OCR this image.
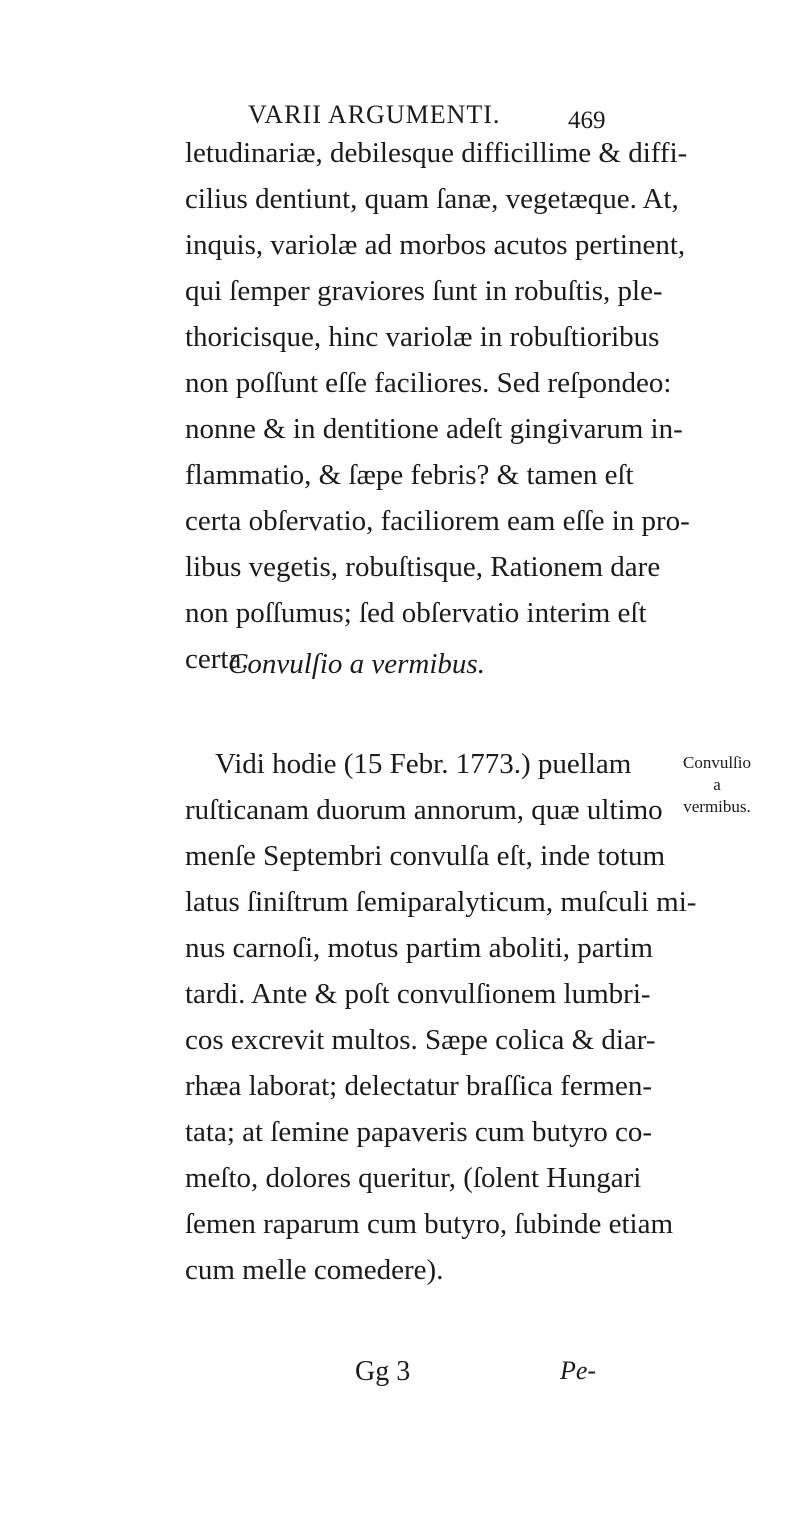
VARII ARGUMENTI.	469
letudinariæ, debilesque difficillime & diffi-
cilius dentiunt, quam ſanæ, vegetæque. At,
inquis, variolæ ad morbos acutos pertinent,
qui ſemper graviores ſunt in robuſtis, ple-
thoricisque, hinc variolæ in robuſtioribus
non poſſunt eſſe faciliores. Sed reſpondeo:
nonne & in dentitione adeſt gingivarum in-
flammatio, & ſæpe febris? & tamen eſt
certa obſervatio, faciliorem eam eſſe in pro-
libus vegetis, robuſtisque, Rationem dare
non poſſumus; ſed obſervatio interim eſt
certa.
Convulſio a vermibus.
Convulſio
a
vermibus.
Vidi hodie (15 Febr. 1773.) puellam
ruſticanam duorum annorum, quæ ultimo
menſe Septembri convulſa eſt, inde totum
latus ſiniſtrum ſemiparalyticum, muſculi mi-
nus carnoſi, motus partim aboliti, partim
tardi. Ante & poſt convulſionem lumbri-
cos excrevit multos. Sæpe colica & diar-
rhæa laborat; delectatur braſſica fermen-
tata; at ſemine papaveris cum butyro co-
meſto, dolores queritur, (ſolent Hungari
ſemen raparum cum butyro, ſubinde etiam
cum melle comedere).
Gg 3	Pe-
